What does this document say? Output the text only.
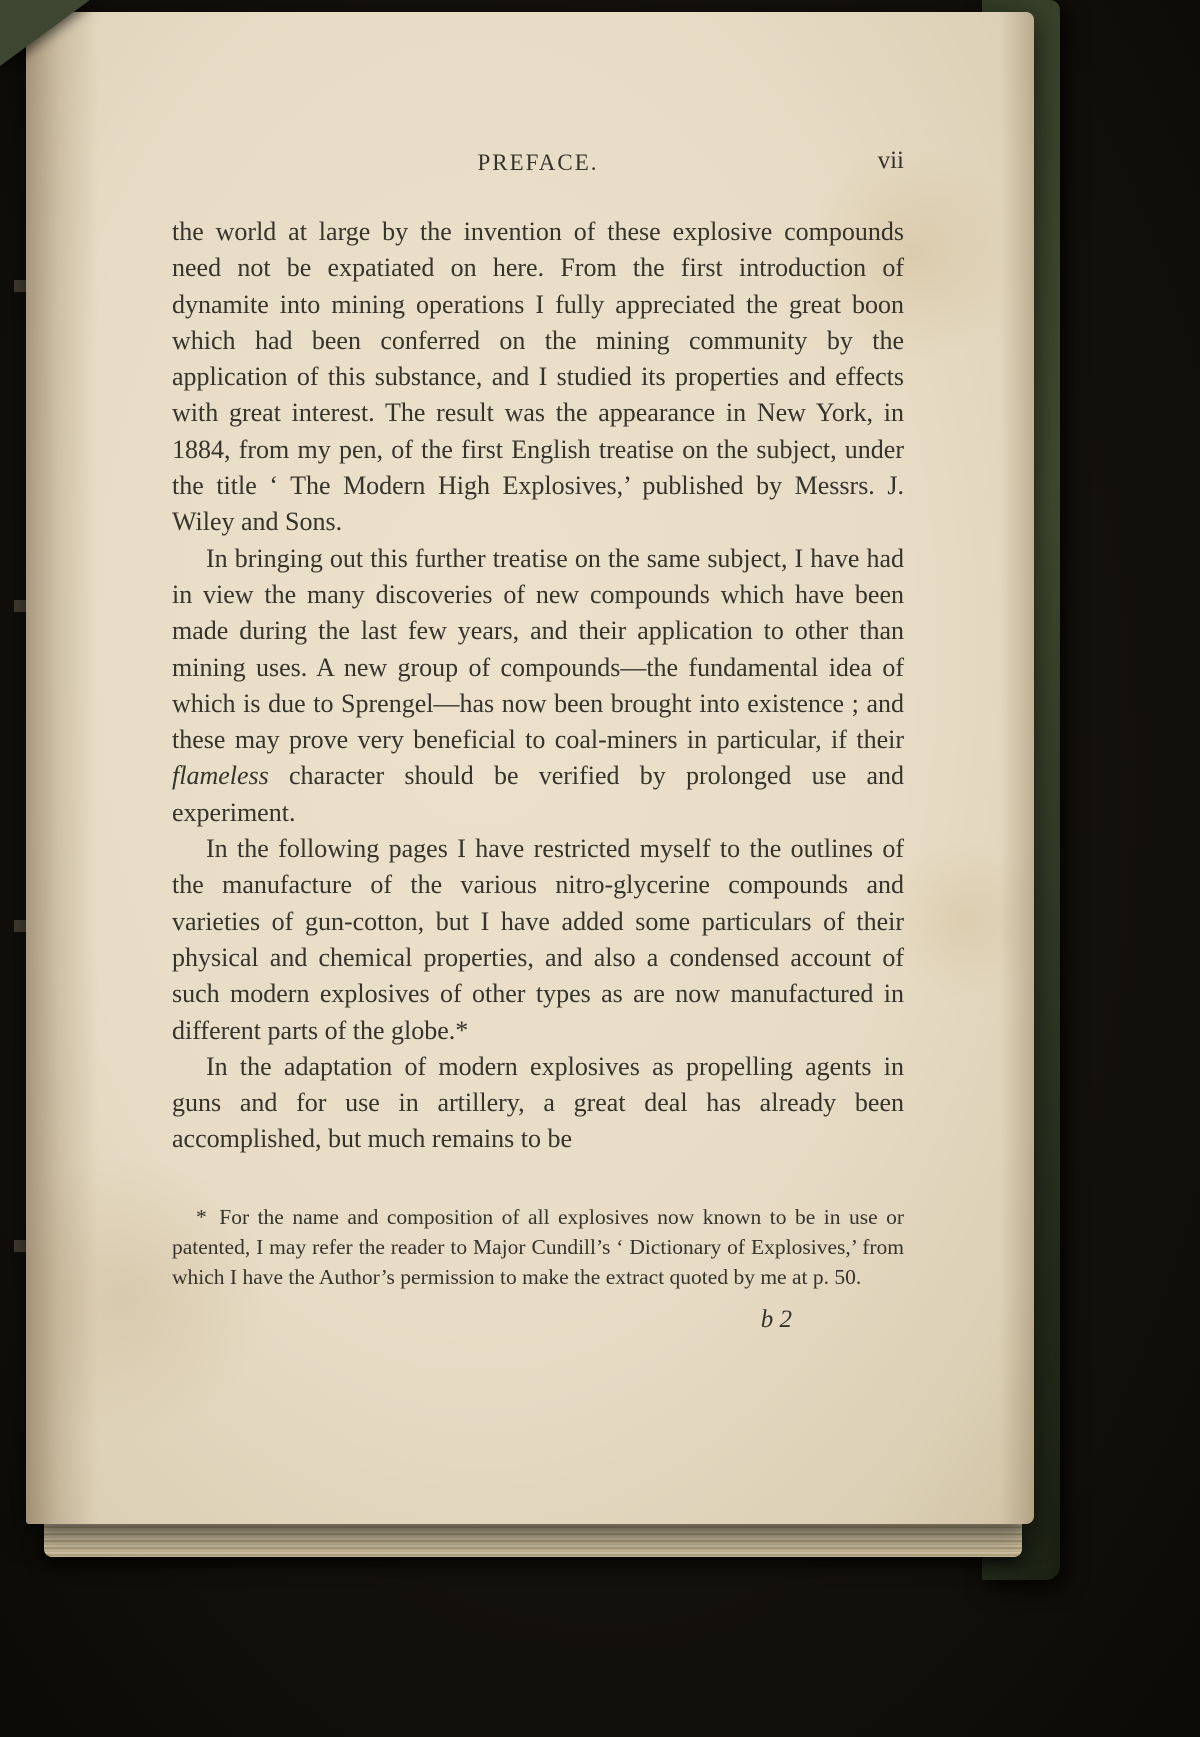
PREFACE.	vii

the world at large by the invention of these explosive compounds need not be expatiated on here. From the first introduction of dynamite into mining operations I fully appreciated the great boon which had been conferred on the mining community by the application of this substance, and I studied its properties and effects with great interest. The result was the appearance in New York, in 1884, from my pen, of the first English treatise on the subject, under the title ‘ The Modern High Explosives,’ published by Messrs. J. Wiley and Sons.

In bringing out this further treatise on the same subject, I have had in view the many discoveries of new compounds which have been made during the last few years, and their application to other than mining uses. A new group of compounds—the fundamental idea of which is due to Sprengel—has now been brought into existence ; and these may prove very beneficial to coal-miners in particular, if their flameless character should be verified by prolonged use and experiment.

In the following pages I have restricted myself to the outlines of the manufacture of the various nitro-glycerine compounds and varieties of gun-cotton, but I have added some particulars of their physical and chemical properties, and also a condensed account of such modern explosives of other types as are now manufactured in different parts of the globe.*

In the adaptation of modern explosives as propelling agents in guns and for use in artillery, a great deal has already been accomplished, but much remains to be

* For the name and composition of all explosives now known to be in use or patented, I may refer the reader to Major Cundill’s ‘ Dictionary of Explosives,’ from which I have the Author’s permission to make the extract quoted by me at p. 50.

b 2
